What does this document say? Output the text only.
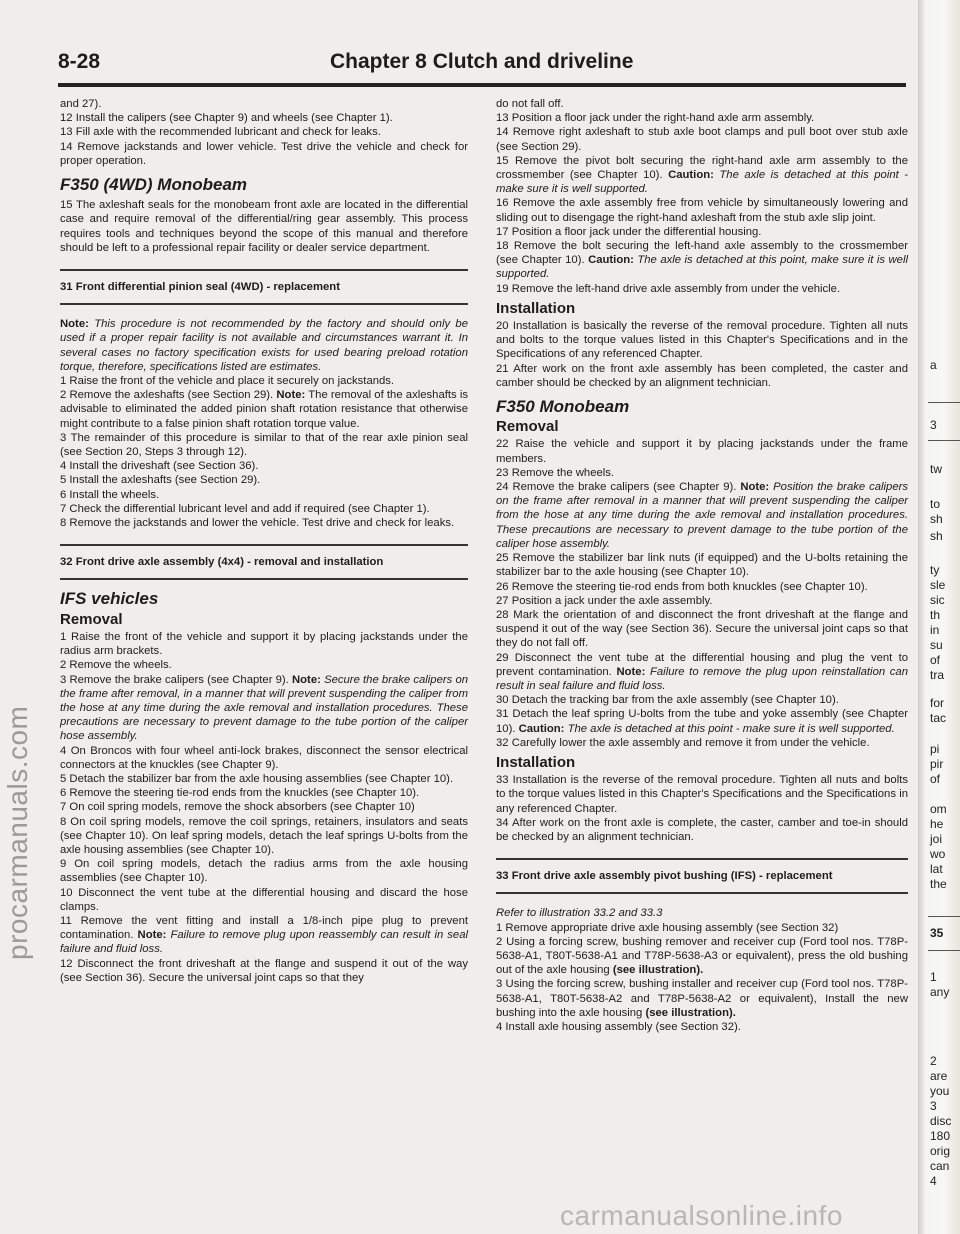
8-28	Chapter 8 Clutch and driveline

and 27).

12 Install the calipers (see Chapter 9) and wheels (see Chapter 1).

13 Fill axle with the recommended lubricant and check for leaks.

14 Remove jackstands and lower vehicle. Test drive the vehicle and check for proper operation.

F350 (4WD) Monobeam

15 The axleshaft seals for the monobeam front axle are located in the differential case and require removal of the differential/ring gear assembly. This process requires tools and techniques beyond the scope of this manual and therefore should be left to a professional repair facility or dealer service department.

31 Front differential pinion seal (4WD) - replacement

Note: This procedure is not recommended by the factory and should only be used if a proper repair facility is not available and circumstances warrant it. In several cases no factory specification exists for used bearing preload rotation torque, therefore, specifications listed are estimates.

1 Raise the front of the vehicle and place it securely on jackstands.

2 Remove the axleshafts (see Section 29). Note: The removal of the axleshafts is advisable to eliminated the added pinion shaft rotation resistance that otherwise might contribute to a false pinion shaft rotation torque value.

3 The remainder of this procedure is similar to that of the rear axle pinion seal (see Section 20, Steps 3 through 12).

4 Install the driveshaft (see Section 36).

5 Install the axleshafts (see Section 29).

6 Install the wheels.

7 Check the differential lubricant level and add if required (see Chapter 1).

8 Remove the jackstands and lower the vehicle. Test drive and check for leaks.

32 Front drive axle assembly (4x4) - removal and installation
IFS vehicles
Removal

1 Raise the front of the vehicle and support it by placing jackstands under the radius arm brackets.

2 Remove the wheels.

3 Remove the brake calipers (see Chapter 9). Note: Secure the brake calipers on the frame after removal, in a manner that will prevent suspending the caliper from the hose at any time during the axle removal and installation procedures. These precautions are necessary to prevent damage to the tube portion of the caliper hose assembly.

4 On Broncos with four wheel anti-lock brakes, disconnect the sensor electrical connectors at the knuckles (see Chapter 9).

5 Detach the stabilizer bar from the axle housing assemblies (see Chapter 10).

6 Remove the steering tie-rod ends from the knuckles (see Chapter 10).

7 On coil spring models, remove the shock absorbers (see Chapter 10)

8 On coil spring models, remove the coil springs, retainers, insulators and seats (see Chapter 10). On leaf spring models, detach the leaf springs U-bolts from the axle housing assemblies (see Chapter 10).

9 On coil spring models, detach the radius arms from the axle housing assemblies (see Chapter 10).

10 Disconnect the vent tube at the differential housing and discard the hose clamps.

11 Remove the vent fitting and install a 1/8-inch pipe plug to prevent contamination. Note: Failure to remove plug upon reassembly can result in seal failure and fluid loss.

12 Disconnect the front driveshaft at the flange and suspend it out of the way (see Section 36). Secure the universal joint caps so that they

do not fall off.

13 Position a floor jack under the right-hand axle arm assembly.

14 Remove right axleshaft to stub axle boot clamps and pull boot over stub axle (see Section 29).

15 Remove the pivot bolt securing the right-hand axle arm assembly to the crossmember (see Chapter 10). Caution: The axle is detached at this point - make sure it is well supported.

16 Remove the axle assembly free from vehicle by simultaneously lowering and sliding out to disengage the right-hand axleshaft from the stub axle slip joint.

17 Position a floor jack under the differential housing.

18 Remove the bolt securing the left-hand axle assembly to the crossmember (see Chapter 10). Caution: The axle is detached at this point, make sure it is well supported.

19 Remove the left-hand drive axle assembly from under the vehicle.

Installation

20 Installation is basically the reverse of the removal procedure. Tighten all nuts and bolts to the torque values listed in this Chapter's Specifications and in the Specifications of any referenced Chapter.

21 After work on the front axle assembly has been completed, the caster and camber should be checked by an alignment technician.

F350 Monobeam
Removal

22 Raise the vehicle and support it by placing jackstands under the frame members.

23 Remove the wheels.

24 Remove the brake calipers (see Chapter 9). Note: Position the brake calipers on the frame after removal in a manner that will prevent suspending the caliper from the hose at any time during the axle removal and installation procedures. These precautions are necessary to prevent damage to the tube portion of the caliper hose assembly.

25 Remove the stabilizer bar link nuts (if equipped) and the U-bolts retaining the stabilizer bar to the axle housing (see Chapter 10).

26 Remove the steering tie-rod ends from both knuckles (see Chapter 10).

27 Position a jack under the axle assembly.

28 Mark the orientation of and disconnect the front driveshaft at the flange and suspend it out of the way (see Section 36). Secure the universal joint caps so that they do not fall off.

29 Disconnect the vent tube at the differential housing and plug the vent to prevent contamination. Note: Failure to remove the plug upon reinstallation can result in seal failure and fluid loss.

30 Detach the tracking bar from the axle assembly (see Chapter 10).

31 Detach the leaf spring U-bolts from the tube and yoke assembly (see Chapter 10). Caution: The axle is detached at this point - make sure it is well supported.

32 Carefully lower the axle assembly and remove it from under the vehicle.

Installation

33 Installation is the reverse of the removal procedure. Tighten all nuts and bolts to the torque values listed in this Chapter's Specifications and the Specifications in any referenced Chapter.

34 After work on the front axle is complete, the caster, camber and toe-in should be checked by an alignment technician.

33 Front drive axle assembly pivot bushing (IFS) - replacement

Refer to illustration 33.2 and 33.3

1 Remove appropriate drive axle housing assembly (see Section 32)

2 Using a forcing screw, bushing remover and receiver cup (Ford tool nos. T78P-5638-A1, T80T-5638-A1 and T78P-5638-A3 or equivalent), press the old bushing out of the axle housing (see illustration).

3 Using the forcing screw, bushing installer and receiver cup (Ford tool nos. T78P-5638-A1, T80T-5638-A2 and T78P-5638-A2 or equivalent), Install the new bushing into the axle housing (see illustration).

4 Install axle housing assembly (see Section 32).

procarmanuals.com
carmanualsonline.info
a
3
tw
to
sh
sh
ty
sle
sic
th
in
su
of
tra
for
tac
pi
pir
of
om
he
joi
wo
lat
the
35
1
any
2
are
you
3
disc
180
orig
can
4
